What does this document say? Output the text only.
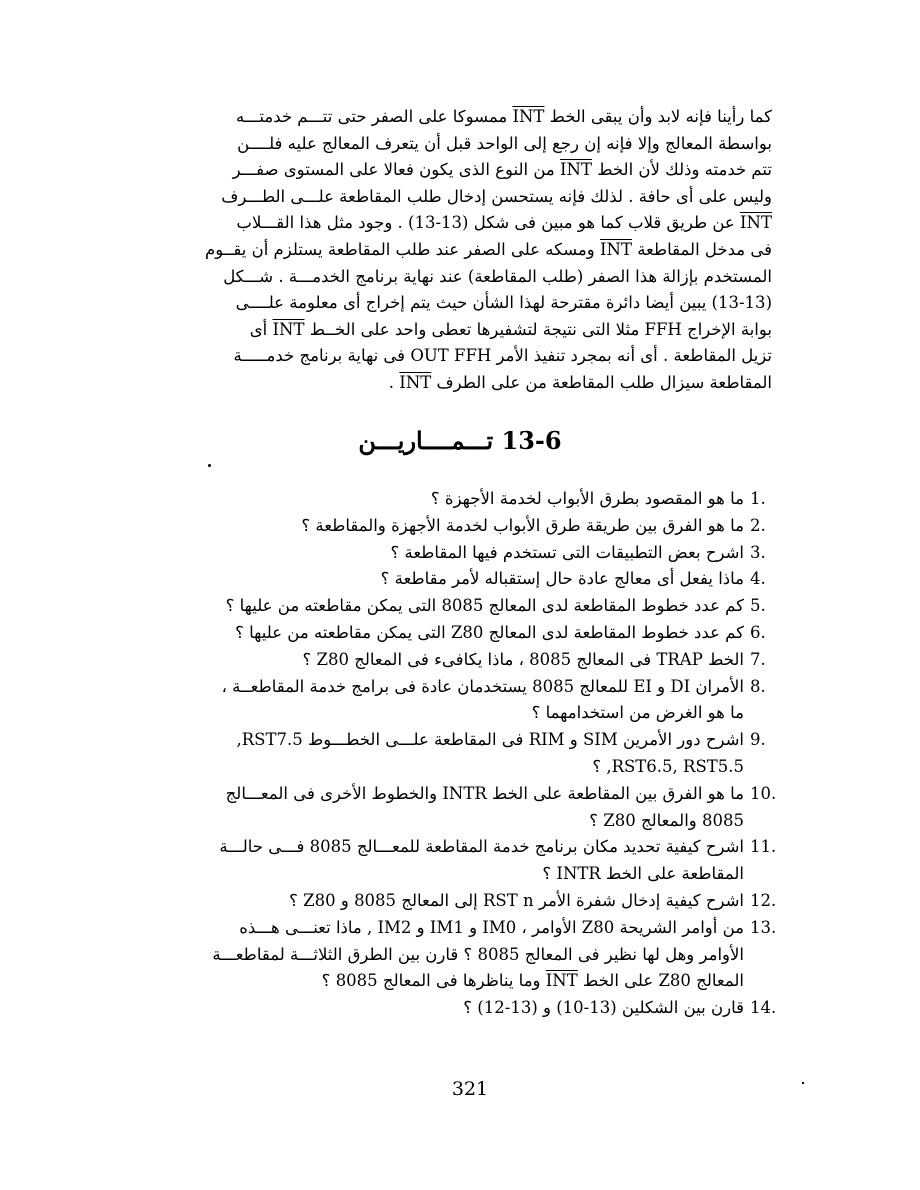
كما رأينا فإنه لابد وأن يبقى الخط INT ممسوكا على الصفر حتى تتـــم خدمتـــه

بواسطة المعالج وإلا فإنه إن رجع إلى الواحد قبل أن يتعرف المعالج عليه فلــــن

تتم خدمته وذلك لأن الخط INT من النوع الذى يكون فعالا على المستوى صفـــر

وليس على أى حافة . لذلك فإنه يستحسن إدخال طلب المقاطعة علـــى الطـــرف

INT عن طريق قلاب كما هو مبين فى شكل (13-13) . وجود مثل هذا القـــلاب

فى مدخل المقاطعة INT ومسكه على الصفر عند طلب المقاطعة يستلزم أن يقــوم

المستخدم بإزالة هذا الصفر (طلب المقاطعة) عند نهاية برنامج الخدمـــة . شـــكل

(13-13) يبين أيضا دائرة مقترحة لهذا الشأن حيث يتم إخراج أى معلومة علــــى

بوابة الإخراج FFH مثلا التى نتيجة لتشفيرها تعطى واحد على الخــط INT أى

تزيل المقاطعة . أى أنه بمجرد تنفيذ الأمر OUT FFH فى نهاية برنامج خدمـــــة

المقاطعة سيزال طلب المقاطعة من على الطرف INT .

13-6 تـــمــــاريـــن
1.
ما هو المقصود بطرق الأبواب لخدمة الأجهزة ؟
2.
ما هو الفرق بين طريقة طرق الأبواب لخدمة الأجهزة والمقاطعة ؟
3.
اشرح بعض التطبيقات التى تستخدم فيها المقاطعة ؟
4.
ماذا يفعل أى معالج عادة حال إستقباله لأمر مقاطعة ؟
5.
كم عدد خطوط المقاطعة لدى المعالج 8085 التى يمكن مقاطعته من عليها ؟
6.
كم عدد خطوط المقاطعة لدى المعالج Z80 التى يمكن مقاطعته من عليها ؟
7.
الخط TRAP فى المعالج 8085 ، ماذا يكافىء فى المعالج Z80 ؟
8.
الأمران DI و EI للمعالج 8085 يستخدمان عادة فى برامج خدمة المقاطعــة ،
ما هو الغرض من استخدامهما ؟
9.
اشرح دور الأمرين SIM و RIM فى المقاطعة علـــى الخطـــوط RST7.5,
RST6.5, RST5.5, ؟
10.
ما هو الفرق بين المقاطعة على الخط INTR والخطوط الأخرى فى المعـــالج
8085 والمعالج Z80 ؟
11.
اشرح كيفية تحديد مكان برنامج خدمة المقاطعة للمعـــالج 8085 فـــى حالـــة
المقاطعة على الخط INTR ؟
12.
اشرح كيفية إدخال شفرة الأمر RST n إلى المعالج 8085 و Z80 ؟
13.
من أوامر الشريحة Z80 الأوامر ، IM0 و IM1 و IM2 , ماذا تعنـــى هـــذه
الأوامر وهل لها نظير فى المعالج 8085 ؟ قارن بين الطرق الثلاثـــة لمقاطعـــة
المعالج Z80 على الخط INT وما يناظرها فى المعالج 8085 ؟
14.
قارن بين الشكلين (13-10) و (13-12) ؟
321
